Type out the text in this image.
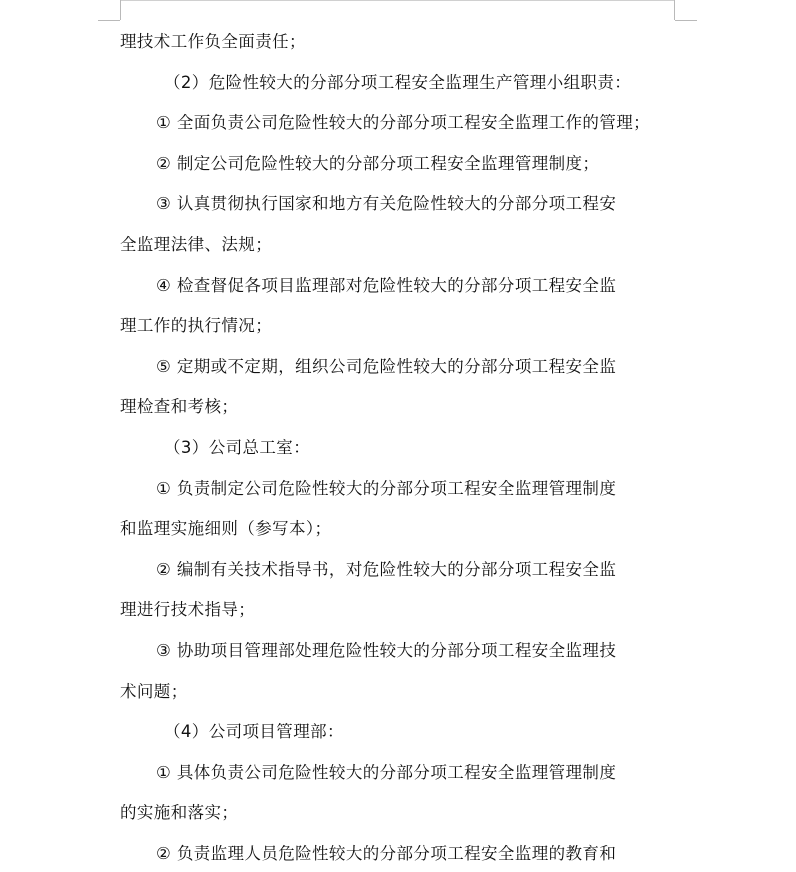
理技术工作负全面责任；
（2）危险性较大的分部分项工程安全监理生产管理小组职责：
① 全面负责公司危险性较大的分部分项工程安全监理工作的管理；
② 制定公司危险性较大的分部分项工程安全监理管理制度；
③ 认真贯彻执行国家和地方有关危险性较大的分部分项工程安
全监理法律、法规；
④ 检查督促各项目监理部对危险性较大的分部分项工程安全监
理工作的执行情况；
⑤ 定期或不定期，组织公司危险性较大的分部分项工程安全监
理检查和考核；
（3）公司总工室：
① 负责制定公司危险性较大的分部分项工程安全监理管理制度
和监理实施细则（参写本）；
② 编制有关技术指导书，对危险性较大的分部分项工程安全监
理进行技术指导；
③ 协助项目管理部处理危险性较大的分部分项工程安全监理技
术问题；
（4）公司项目管理部：
① 具体负责公司危险性较大的分部分项工程安全监理管理制度
的实施和落实；
② 负责监理人员危险性较大的分部分项工程安全监理的教育和
